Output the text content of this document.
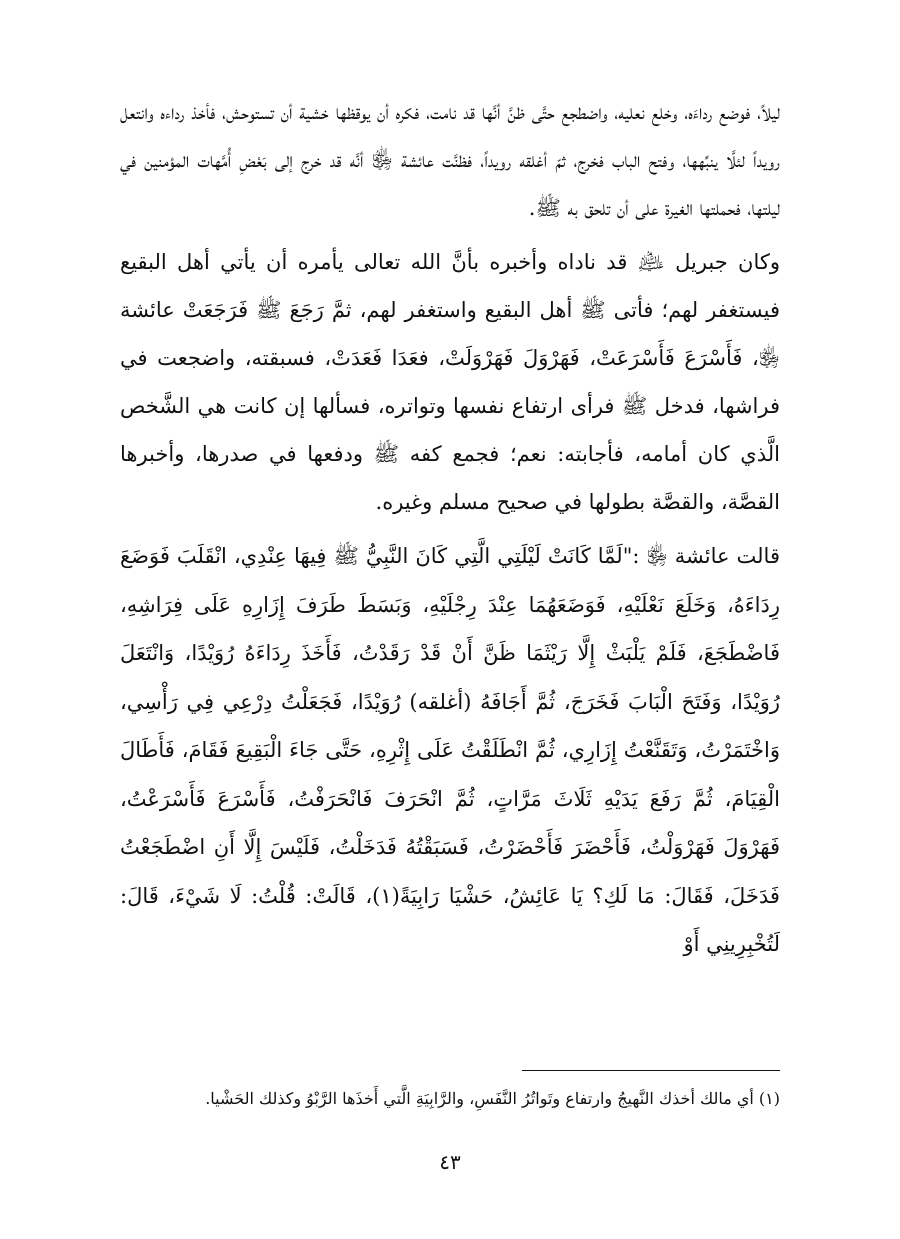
ليلاً، فوضع رداءَه، وخلع نعليه، واضطجع حتَّى ظنَّ أنَّها قد نامت، فكره أن يوقظها خشية أن تستوحش، فأخذ رداءه وانتعل رويداً لئلَّا ينبِّهها، وفتح الباب فخرج، ثمّ أغلقه رويداً، فظنَّت عائشة ﵂ أنَّه قد خرج إلى بَعْضِ أُمَّهات المؤمنين في ليلتها، فحملتها الغيرة على أن تلحق به ﷺ.

وكان جبريل ﵇ قد ناداه وأخبره بأنَّ الله تعالى يأمره أن يأتي أهل البقيع فيستغفر لهم؛ فأتى ﷺ أهل البقيع واستغفر لهم، ثمَّ رَجَعَ ﷺ فَرَجَعَتْ عائشة ﵂، فَأَسْرَعَ فَأَسْرَعَتْ، فَهَرْوَلَ فَهَرْوَلَتْ، فعَدَا فَعَدَتْ، فسبقته، واضجعت في فراشها، فدخل ﷺ فرأى ارتفاع نفسها وتواتره، فسألها إن كانت هي الشَّخص الَّذي كان أمامه، فأجابته: نعم؛ فجمع كفه ﷺ ودفعها في صدرها، وأخبرها القصَّة، والقصَّة بطولها في صحيح مسلم وغيره.

قالت عائشة ﵂ :"لَمَّا كَانَتْ لَيْلَتِي الَّتِي كَانَ النَّبِيُّ ﷺ فِيهَا عِنْدِي، انْقَلَبَ فَوَضَعَ رِدَاءَهُ، وَخَلَعَ نَعْلَيْهِ، فَوَضَعَهُمَا عِنْدَ رِجْلَيْهِ، وَبَسَطَ طَرَفَ إِزَارِهِ عَلَى فِرَاشِهِ، فَاضْطَجَعَ، فَلَمْ يَلْبَثْ إِلَّا رَيْثَمَا ظَنَّ أَنْ قَدْ رَقَدْتُ، فَأَخَذَ رِدَاءَهُ رُوَيْدًا، وَانْتَعَلَ رُوَيْدًا، وَفَتَحَ الْبَابَ فَخَرَجَ، ثُمَّ أَجَافَهُ (أغلقه) رُوَيْدًا، فَجَعَلْتُ دِرْعِي فِي رَأْسِي، وَاخْتَمَرْتُ، وَتَقَنَّعْتُ إِزَارِي، ثُمَّ انْطَلَقْتُ عَلَى إِثْرِهِ، حَتَّى جَاءَ الْبَقِيعَ فَقَامَ، فَأَطَالَ الْقِيَامَ، ثُمَّ رَفَعَ يَدَيْهِ ثَلَاثَ مَرَّاتٍ، ثُمَّ انْحَرَفَ فَانْحَرَفْتُ، فَأَسْرَعَ فَأَسْرَعْتُ، فَهَرْوَلَ فَهَرْوَلْتُ، فَأَحْضَرَ فَأَحْضَرْتُ، فَسَبَقْتُهُ فَدَخَلْتُ، فَلَيْسَ إِلَّا أَنِ اضْطَجَعْتُ فَدَخَلَ، فَقَالَ: مَا لَكِ؟ يَا عَائِشُ، حَشْيَا رَابِيَةً(١)، قَالَتْ: قُلْتُ: لَا شَيْءَ، قَالَ: لَتُخْبِرِينِي أَوْ

(١) أي مالك أخذك النَّهيجُ وارتفاع وتَواتُرُ النَّفَسِ، والرَّابِيَةِ الَّتي أَخذَها الرَّبْوُ وكذلك الحَشْيا.

٤٣
